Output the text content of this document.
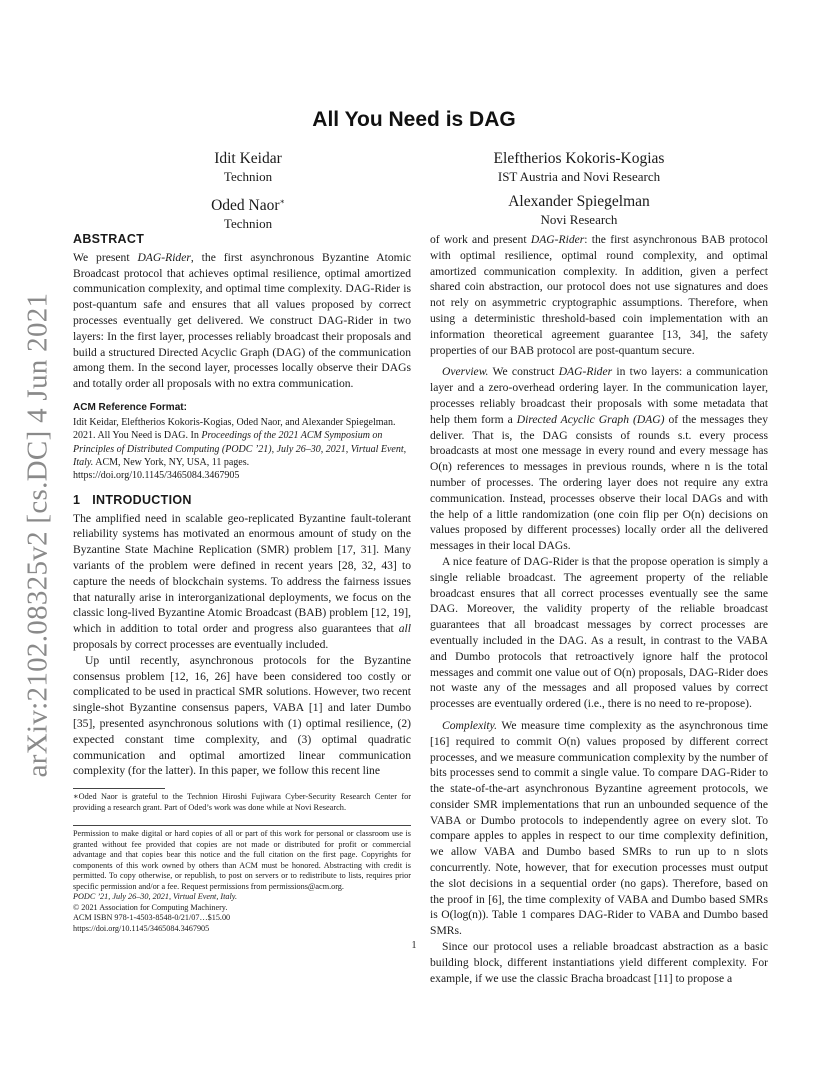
arXiv:2102.08325v2 [cs.DC] 4 Jun 2021
All You Need is DAG
Idit Keidar
Technion
Eleftherios Kokoris-Kogias
IST Austria and Novi Research
Oded Naor∗
Technion
Alexander Spiegelman
Novi Research
ABSTRACT

We present DAG-Rider, the first asynchronous Byzantine Atomic Broadcast protocol that achieves optimal resilience, optimal amortized communication complexity, and optimal time complexity. DAG-Rider is post-quantum safe and ensures that all values proposed by correct processes eventually get delivered. We construct DAG-Rider in two layers: In the first layer, processes reliably broadcast their proposals and build a structured Directed Acyclic Graph (DAG) of the communication among them. In the second layer, processes locally observe their DAGs and totally order all proposals with no extra communication.

ACM Reference Format:

Idit Keidar, Eleftherios Kokoris-Kogias, Oded Naor, and Alexander Spiegelman. 2021. All You Need is DAG. In Proceedings of the 2021 ACM Symposium on Principles of Distributed Computing (PODC ’21), July 26–30, 2021, Virtual Event, Italy. ACM, New York, NY, USA, 11 pages. https://doi.org/10.1145/3465084.3467905

1 INTRODUCTION

The amplified need in scalable geo-replicated Byzantine fault-tolerant reliability systems has motivated an enormous amount of study on the Byzantine State Machine Replication (SMR) problem [17, 31]. Many variants of the problem were defined in recent years [28, 32, 43] to capture the needs of blockchain systems. To address the fairness issues that naturally arise in interorganizational deployments, we focus on the classic long-lived Byzantine Atomic Broadcast (BAB) problem [12, 19], which in addition to total order and progress also guarantees that all proposals by correct processes are eventually included.

Up until recently, asynchronous protocols for the Byzantine consensus problem [12, 16, 26] have been considered too costly or complicated to be used in practical SMR solutions. However, two recent single-shot Byzantine consensus papers, VABA [1] and later Dumbo [35], presented asynchronous solutions with (1) optimal resilience, (2) expected constant time complexity, and (3) optimal quadratic communication and optimal amortized linear communication complexity (for the latter). In this paper, we follow this recent line

∗Oded Naor is grateful to the Technion Hiroshi Fujiwara Cyber-Security Research Center for providing a research grant. Part of Oded’s work was done while at Novi Research.

Permission to make digital or hard copies of all or part of this work for personal or classroom use is granted without fee provided that copies are not made or distributed for profit or commercial advantage and that copies bear this notice and the full citation on the first page. Copyrights for components of this work owned by others than ACM must be honored. Abstracting with credit is permitted. To copy otherwise, or republish, to post on servers or to redistribute to lists, requires prior specific permission and/or a fee. Request permissions from permissions@acm.org.

PODC ’21, July 26–30, 2021, Virtual Event, Italy.
© 2021 Association for Computing Machinery.
ACM ISBN 978-1-4503-8548-0/21/07…$15.00
https://doi.org/10.1145/3465084.3467905

of work and present DAG-Rider: the first asynchronous BAB protocol with optimal resilience, optimal round complexity, and optimal amortized communication complexity. In addition, given a perfect shared coin abstraction, our protocol does not use signatures and does not rely on asymmetric cryptographic assumptions. Therefore, when using a deterministic threshold-based coin implementation with an information theoretical agreement guarantee [13, 34], the safety properties of our BAB protocol are post-quantum secure.

Overview. We construct DAG-Rider in two layers: a communication layer and a zero-overhead ordering layer. In the communication layer, processes reliably broadcast their proposals with some metadata that help them form a Directed Acyclic Graph (DAG) of the messages they deliver. That is, the DAG consists of rounds s.t. every process broadcasts at most one message in every round and every message has O(n) references to messages in previous rounds, where n is the total number of processes. The ordering layer does not require any extra communication. Instead, processes observe their local DAGs and with the help of a little randomization (one coin flip per O(n) decisions on values proposed by different processes) locally order all the delivered messages in their local DAGs.

A nice feature of DAG-Rider is that the propose operation is simply a single reliable broadcast. The agreement property of the reliable broadcast ensures that all correct processes eventually see the same DAG. Moreover, the validity property of the reliable broadcast guarantees that all broadcast messages by correct processes are eventually included in the DAG. As a result, in contrast to the VABA and Dumbo protocols that retroactively ignore half the protocol messages and commit one value out of O(n) proposals, DAG-Rider does not waste any of the messages and all proposed values by correct processes are eventually ordered (i.e., there is no need to re-propose).

Complexity. We measure time complexity as the asynchronous time [16] required to commit O(n) values proposed by different correct processes, and we measure communication complexity by the number of bits processes send to commit a single value. To compare DAG-Rider to the state-of-the-art asynchronous Byzantine agreement protocols, we consider SMR implementations that run an unbounded sequence of the VABA or Dumbo protocols to independently agree on every slot. To compare apples to apples in respect to our time complexity definition, we allow VABA and Dumbo based SMRs to run up to n slots concurrently. Note, however, that for execution processes must output the slot decisions in a sequential order (no gaps). Therefore, based on the proof in [6], the time complexity of VABA and Dumbo based SMRs is O(log(n)). Table 1 compares DAG-Rider to VABA and Dumbo based SMRs.

Since our protocol uses a reliable broadcast abstraction as a basic building block, different instantiations yield different complexity. For example, if we use the classic Bracha broadcast [11] to propose a

1
